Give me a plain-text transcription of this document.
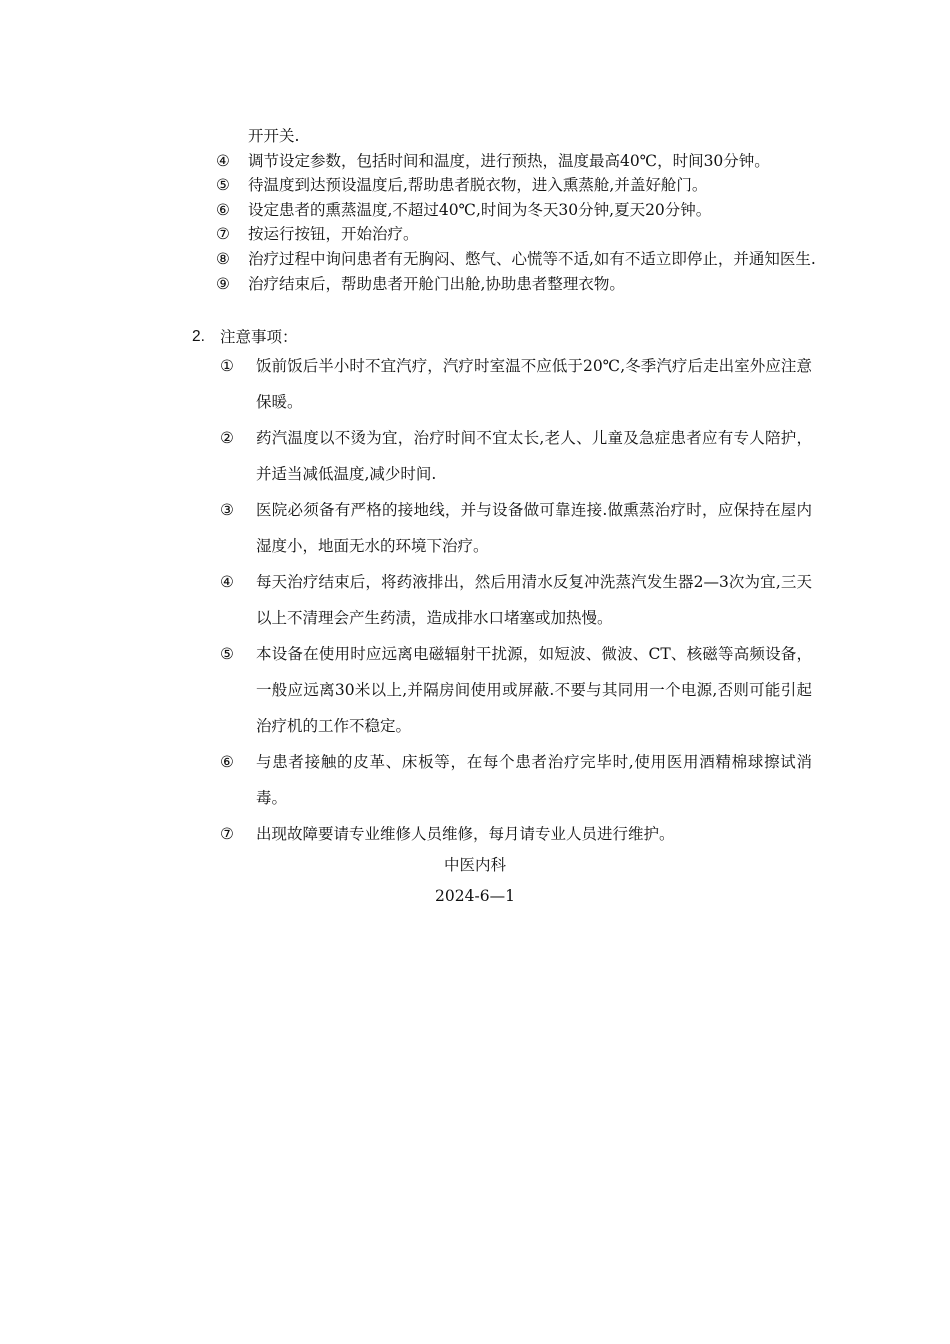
开开关.
④	调节设定参数，包括时间和温度，进行预热，温度最高40℃，时间30分钟。
⑤	待温度到达预设温度后,帮助患者脱衣物，进入熏蒸舱,并盖好舱门。
⑥	设定患者的熏蒸温度,不超过40℃,时间为冬天30分钟,夏天20分钟。
⑦	按运行按钮，开始治疗。
⑧	治疗过程中询问患者有无胸闷、憋气、心慌等不适,如有不适立即停止，并通知医生.
⑨	治疗结束后，帮助患者开舱门出舱,协助患者整理衣物。
2. 注意事项：
①	饭前饭后半小时不宜汽疗，汽疗时室温不应低于20℃,冬季汽疗后走出室外应注意保暖。
②	药汽温度以不烫为宜，治疗时间不宜太长,老人、儿童及急症患者应有专人陪护，并适当减低温度,减少时间.
③	医院必须备有严格的接地线，并与设备做可靠连接.做熏蒸治疗时，应保持在屋内湿度小，地面无水的环境下治疗。
④	每天治疗结束后，将药液排出，然后用清水反复冲洗蒸汽发生器2—3次为宜,三天以上不清理会产生药渍，造成排水口堵塞或加热慢。
⑤	本设备在使用时应远离电磁辐射干扰源，如短波、微波、CT、核磁等高频设备，一般应远离30米以上,并隔房间使用或屏蔽.不要与其同用一个电源,否则可能引起治疗机的工作不稳定。
⑥	与患者接触的皮革、床板等，在每个患者治疗完毕时,使用医用酒精棉球擦试消毒。
⑦	出现故障要请专业维修人员维修，每月请专业人员进行维护。
中医内科
2024-6—1
